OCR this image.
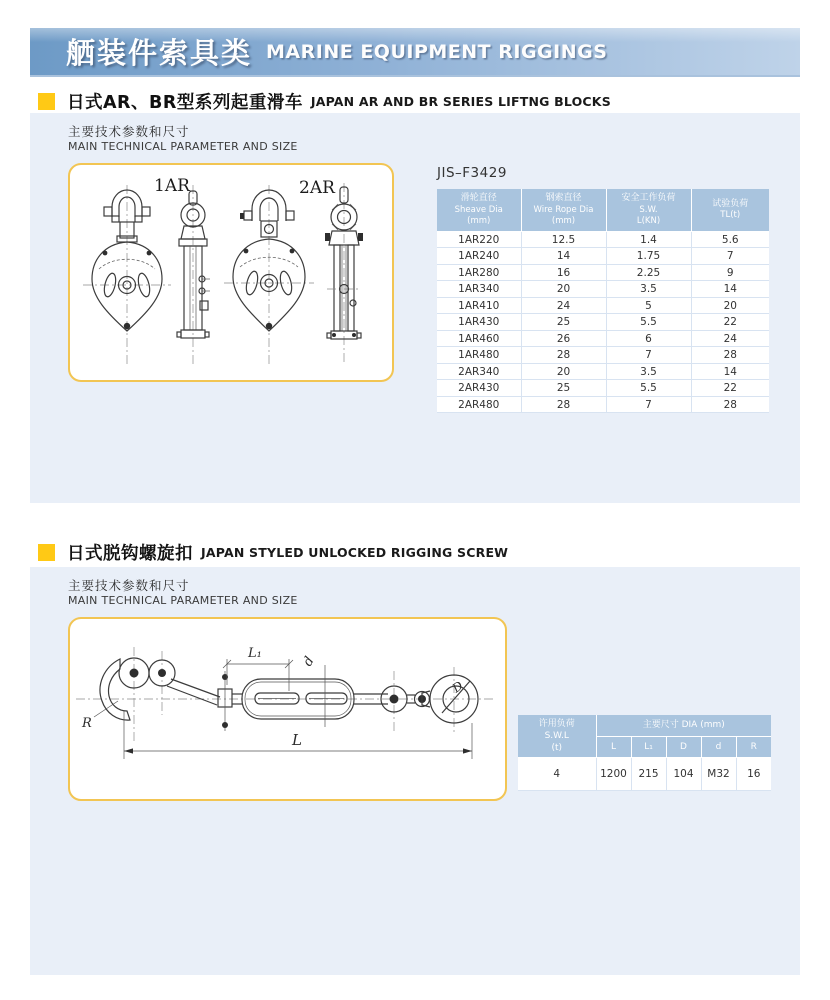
舾装件索具类 MARINE EQUIPMENT RIGGINGS
日式AR、BR型系列起重滑车 JAPAN AR AND BR SERIES LIFTNG BLOCKS
主要技术参数和尺寸
MAIN TECHNICAL PARAMETER AND SIZE
1AR	2AR
JIS–F3429
滑轮直径
Sheave Dia
(mm)

钢索直径
Wire Rope Dia
(mm)

安全工作负荷
S.W.
L(KN)

试验负荷
TL(t)

1AR220	12.5	1.4	5.6
1AR240	14	1.75	7
1AR280	16	2.25	9
1AR340	20	3.5	14
1AR410	24	5	20
1AR430	25	5.5	22
1AR460	26	6	24
1AR480	28	7	28
2AR340	20	3.5	14
2AR430	25	5.5	22
2AR480	28	7	28
日式脱钩螺旋扣 JAPAN STYLED UNLOCKED RIGGING SCREW
主要技术参数和尺寸
MAIN TECHNICAL PARAMETER AND SIZE
L₁
d
L
R
D
许用负荷
S.W.L
(t)	主要尺寸 DIA (mm)				
	L	L₁	D	d	R
4	1200	215	104	M32	16
